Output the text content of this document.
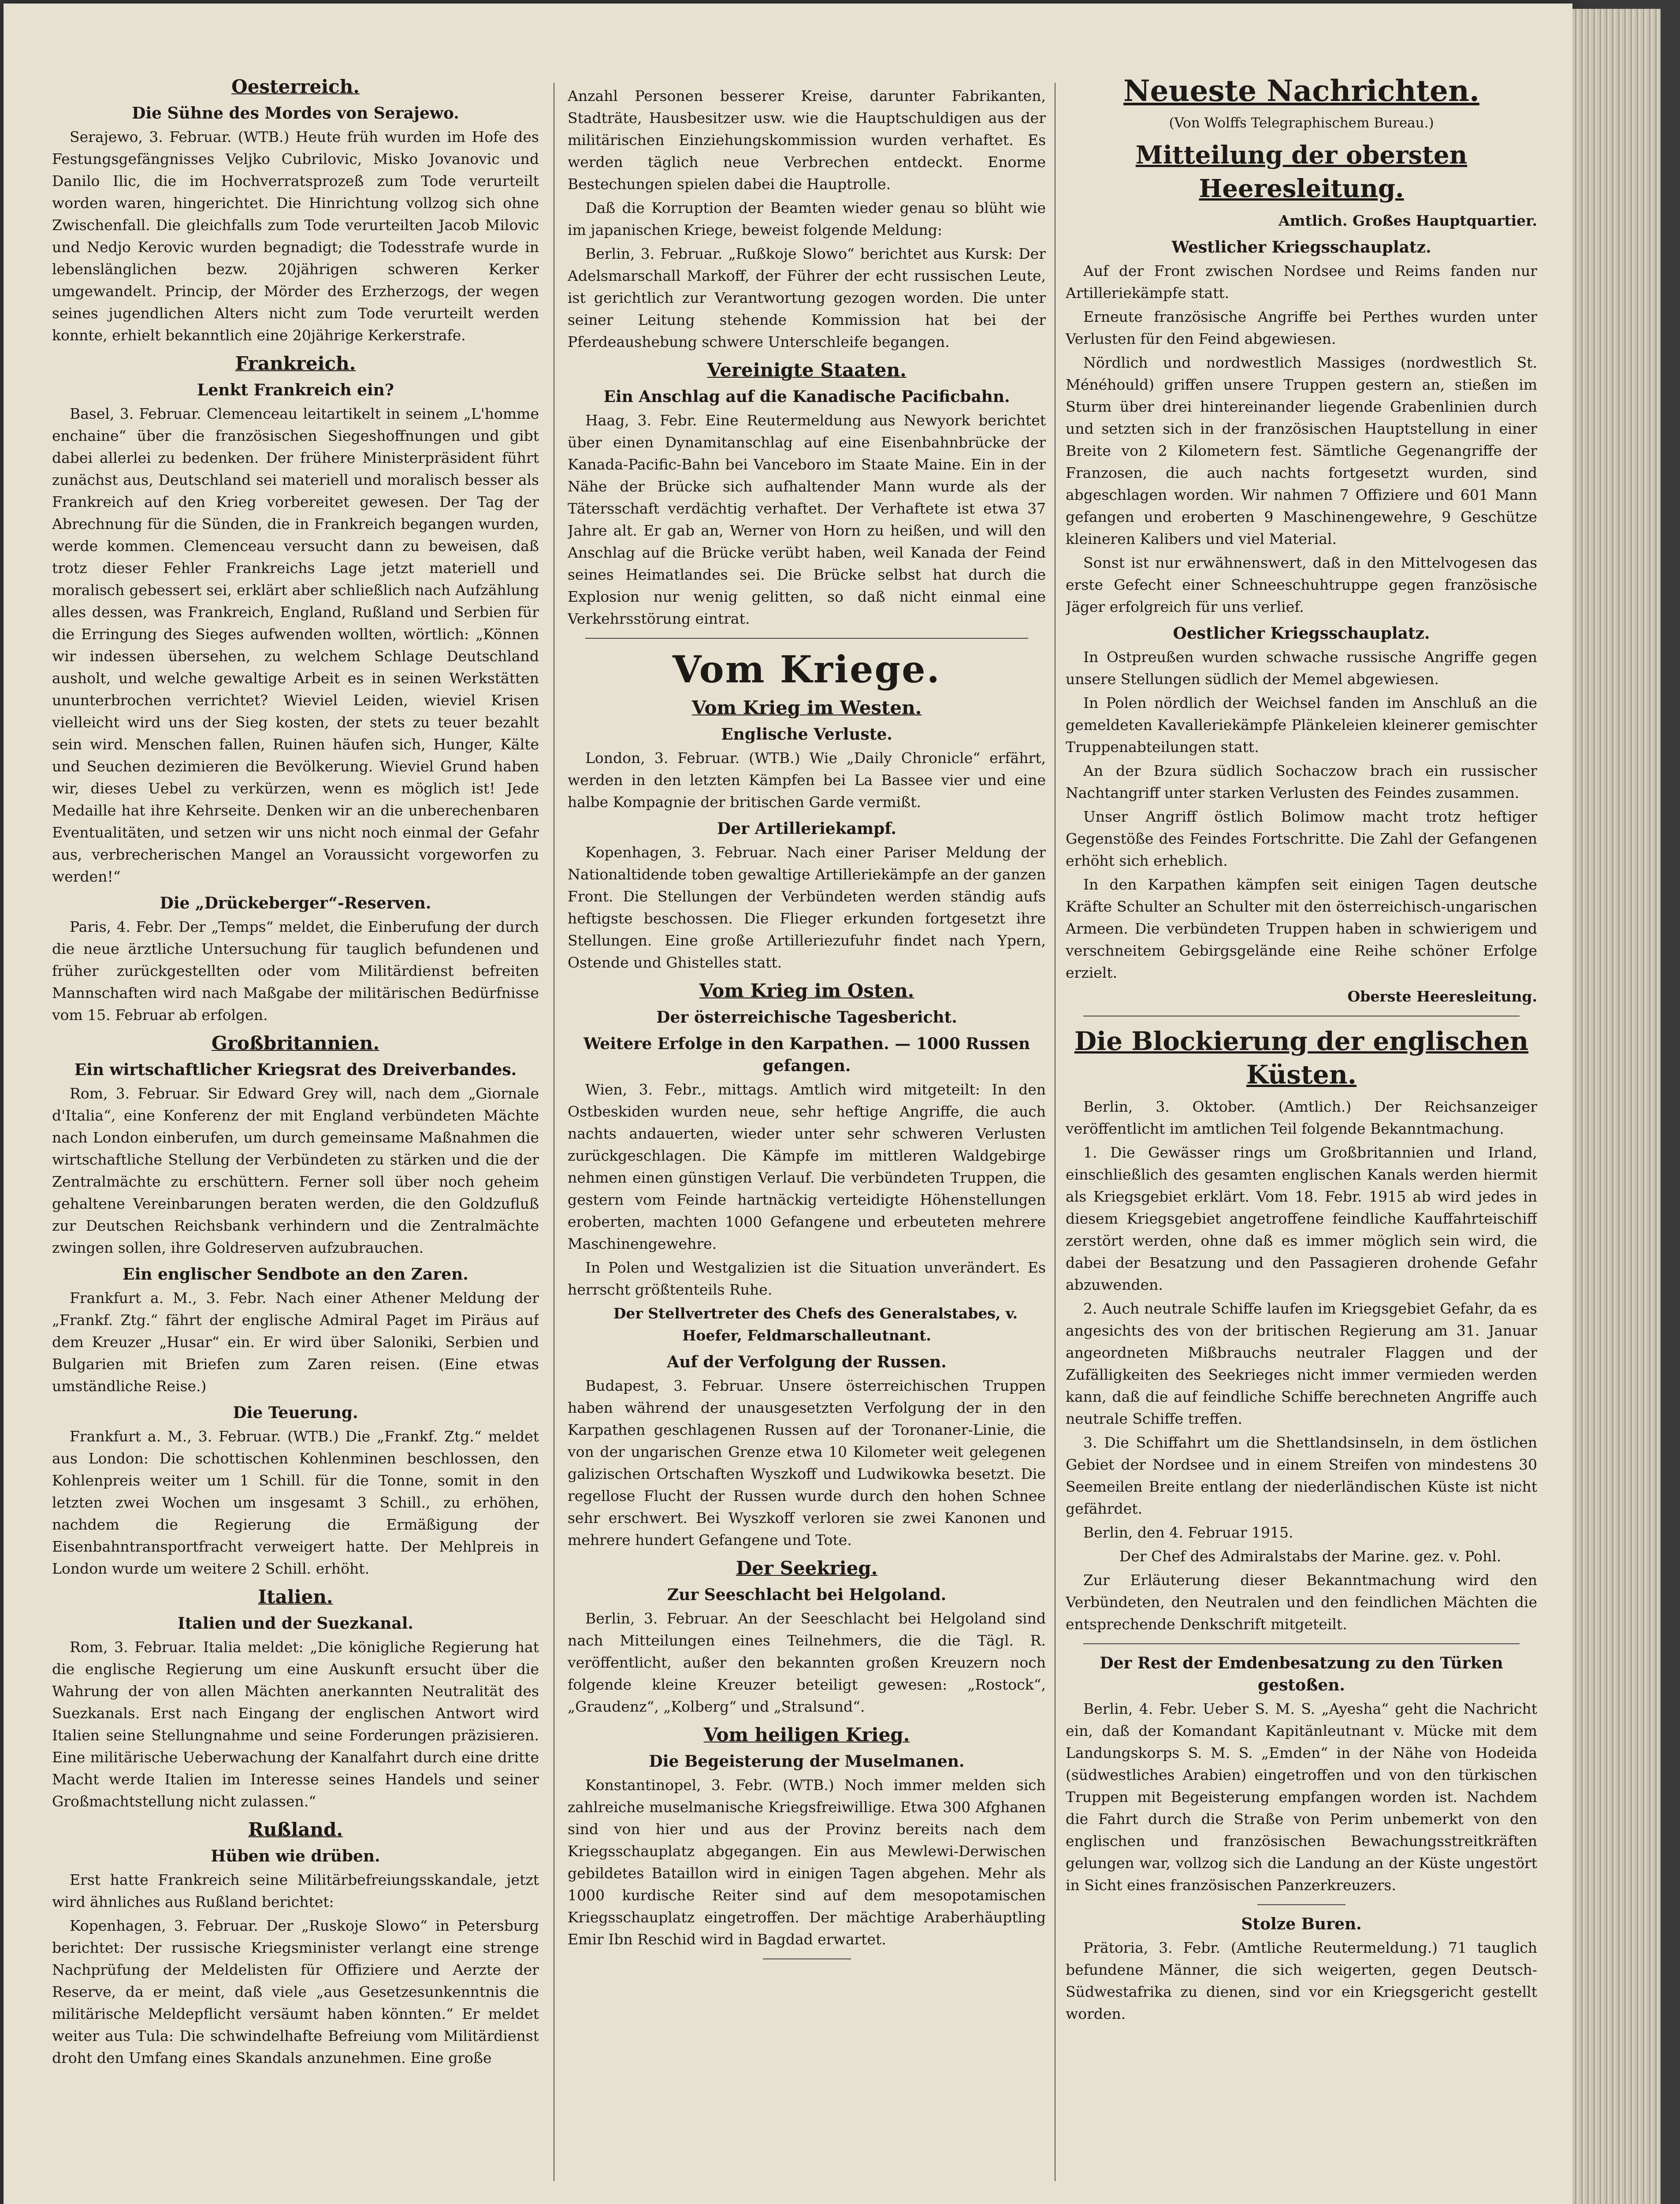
Oesterreich.
Die Sühne des Mordes von Serajewo.

Serajewo, 3. Februar. (WTB.) Heute früh wurden im Hofe des Festungsgefängnisses Veljko Cubrilovic, Misko Jovanovic und Danilo Ilic, die im Hochverratsprozeß zum Tode verurteilt worden waren, hingerichtet. Die Hinrichtung vollzog sich ohne Zwischenfall. Die gleichfalls zum Tode verurteilten Jacob Milovic und Nedjo Kerovic wurden begnadigt; die Todesstrafe wurde in lebenslänglichen bezw. 20jährigen schweren Kerker umgewandelt. Princip, der Mörder des Erzherzogs, der wegen seines jugendlichen Alters nicht zum Tode verurteilt werden konnte, erhielt bekanntlich eine 20jährige Kerkerstrafe.

Frankreich.
Lenkt Frankreich ein?

Basel, 3. Februar. Clemenceau leitartikelt in seinem „L'homme enchaine“ über die französischen Siegeshoffnungen und gibt dabei allerlei zu bedenken. Der frühere Ministerpräsident führt zunächst aus, Deutschland sei materiell und moralisch besser als Frankreich auf den Krieg vorbereitet gewesen. Der Tag der Abrechnung für die Sünden, die in Frankreich begangen wurden, werde kommen. Clemenceau versucht dann zu beweisen, daß trotz dieser Fehler Frankreichs Lage jetzt materiell und moralisch gebessert sei, erklärt aber schließlich nach Aufzählung alles dessen, was Frankreich, England, Rußland und Serbien für die Erringung des Sieges aufwenden wollten, wörtlich: „Können wir indessen übersehen, zu welchem Schlage Deutschland ausholt, und welche gewaltige Arbeit es in seinen Werkstätten ununterbrochen verrichtet? Wieviel Leiden, wieviel Krisen vielleicht wird uns der Sieg kosten, der stets zu teuer bezahlt sein wird. Menschen fallen, Ruinen häufen sich, Hunger, Kälte und Seuchen dezimieren die Bevölkerung. Wieviel Grund haben wir, dieses Uebel zu verkürzen, wenn es möglich ist! Jede Medaille hat ihre Kehrseite. Denken wir an die unberechenbaren Eventualitäten, und setzen wir uns nicht noch einmal der Gefahr aus, verbrecherischen Mangel an Voraussicht vorgeworfen zu werden!“

Die „Drückeberger“-Reserven.

Paris, 4. Febr. Der „Temps“ meldet, die Einberufung der durch die neue ärztliche Untersuchung für tauglich befundenen und früher zurückgestellten oder vom Militärdienst befreiten Mannschaften wird nach Maßgabe der militärischen Bedürfnisse vom 15. Februar ab erfolgen.

Großbritannien.
Ein wirtschaftlicher Kriegsrat des Dreiverbandes.

Rom, 3. Februar. Sir Edward Grey will, nach dem „Giornale d'Italia“, eine Konferenz der mit England verbündeten Mächte nach London einberufen, um durch gemeinsame Maßnahmen die wirtschaftliche Stellung der Verbündeten zu stärken und die der Zentralmächte zu erschüttern. Ferner soll über noch geheim gehaltene Vereinbarungen beraten werden, die den Goldzufluß zur Deutschen Reichsbank verhindern und die Zentralmächte zwingen sollen, ihre Goldreserven aufzubrauchen.

Ein englischer Sendbote an den Zaren.

Frankfurt a. M., 3. Febr. Nach einer Athener Meldung der „Frankf. Ztg.“ fährt der englische Admiral Paget im Piräus auf dem Kreuzer „Husar“ ein. Er wird über Saloniki, Serbien und Bulgarien mit Briefen zum Zaren reisen. (Eine etwas umständliche Reise.)

Die Teuerung.

Frankfurt a. M., 3. Februar. (WTB.) Die „Frankf. Ztg.“ meldet aus London: Die schottischen Kohlenminen beschlossen, den Kohlenpreis weiter um 1 Schill. für die Tonne, somit in den letzten zwei Wochen um insgesamt 3 Schill., zu erhöhen, nachdem die Regierung die Ermäßigung der Eisenbahntransportfracht verweigert hatte. Der Mehlpreis in London wurde um weitere 2 Schill. erhöht.

Italien.
Italien und der Suezkanal.

Rom, 3. Februar. Italia meldet: „Die königliche Regierung hat die englische Regierung um eine Auskunft ersucht über die Wahrung der von allen Mächten anerkannten Neutralität des Suezkanals. Erst nach Eingang der englischen Antwort wird Italien seine Stellungnahme und seine Forderungen präzisieren. Eine militärische Ueberwachung der Kanalfahrt durch eine dritte Macht werde Italien im Interesse seines Handels und seiner Großmachtstellung nicht zulassen.“

Rußland.
Hüben wie drüben.

Erst hatte Frankreich seine Militärbefreiungsskandale, jetzt wird ähnliches aus Rußland berichtet:

Kopenhagen, 3. Februar. Der „Ruskoje Slowo“ in Petersburg berichtet: Der russische Kriegsminister verlangt eine strenge Nachprüfung der Meldelisten für Offiziere und Aerzte der Reserve, da er meint, daß viele „aus Gesetzesunkenntnis die militärische Meldepflicht versäumt haben könnten.“ Er meldet weiter aus Tula: Die schwindelhafte Befreiung vom Militärdienst droht den Umfang eines Skandals anzunehmen. Eine große

Anzahl Personen besserer Kreise, darunter Fabrikanten, Stadträte, Hausbesitzer usw. wie die Hauptschuldigen aus der militärischen Einziehungskommission wurden verhaftet. Es werden täglich neue Verbrechen entdeckt. Enorme Bestechungen spielen dabei die Hauptrolle.

Daß die Korruption der Beamten wieder genau so blüht wie im japanischen Kriege, beweist folgende Meldung:

Berlin, 3. Februar. „Rußkoje Slowo“ berichtet aus Kursk: Der Adelsmarschall Markoff, der Führer der echt russischen Leute, ist gerichtlich zur Verantwortung gezogen worden. Die unter seiner Leitung stehende Kommission hat bei der Pferdeaushebung schwere Unterschleife begangen.

Vereinigte Staaten.
Ein Anschlag auf die Kanadische Pacificbahn.

Haag, 3. Febr. Eine Reutermeldung aus Newyork berichtet über einen Dynamitanschlag auf eine Eisenbahnbrücke der Kanada-Pacific-Bahn bei Vanceboro im Staate Maine. Ein in der Nähe der Brücke sich aufhaltender Mann wurde als der Tätersschaft verdächtig verhaftet. Der Verhaftete ist etwa 37 Jahre alt. Er gab an, Werner von Horn zu heißen, und will den Anschlag auf die Brücke verübt haben, weil Kanada der Feind seines Heimatlandes sei. Die Brücke selbst hat durch die Explosion nur wenig gelitten, so daß nicht einmal eine Verkehrsstörung eintrat.

Vom Kriege.
Vom Krieg im Westen.
Englische Verluste.

London, 3. Februar. (WTB.) Wie „Daily Chronicle“ erfährt, werden in den letzten Kämpfen bei La Bassee vier und eine halbe Kompagnie der britischen Garde vermißt.

Der Artilleriekampf.

Kopenhagen, 3. Februar. Nach einer Pariser Meldung der Nationaltidende toben gewaltige Artilleriekämpfe an der ganzen Front. Die Stellungen der Verbündeten werden ständig aufs heftigste beschossen. Die Flieger erkunden fortgesetzt ihre Stellungen. Eine große Artilleriezufuhr findet nach Ypern, Ostende und Ghistelles statt.

Vom Krieg im Osten.
Der österreichische Tagesbericht.
Weitere Erfolge in den Karpathen. — 1000 Russen gefangen.

Wien, 3. Febr., mittags. Amtlich wird mitgeteilt: In den Ostbeskiden wurden neue, sehr heftige Angriffe, die auch nachts andauerten, wieder unter sehr schweren Verlusten zurückgeschlagen. Die Kämpfe im mittleren Waldgebirge nehmen einen günstigen Verlauf. Die verbündeten Truppen, die gestern vom Feinde hartnäckig verteidigte Höhenstellungen eroberten, machten 1000 Gefangene und erbeuteten mehrere Maschinengewehre.

In Polen und Westgalizien ist die Situation unverändert. Es herrscht größtenteils Ruhe.

Der Stellvertreter des Chefs des Generalstabes, v. Hoefer, Feldmarschalleutnant.

Auf der Verfolgung der Russen.

Budapest, 3. Februar. Unsere österreichischen Truppen haben während der unausgesetzten Verfolgung der in den Karpathen geschlagenen Russen auf der Toronaner-Linie, die von der ungarischen Grenze etwa 10 Kilometer weit gelegenen galizischen Ortschaften Wyszkoff und Ludwikowka besetzt. Die regellose Flucht der Russen wurde durch den hohen Schnee sehr erschwert. Bei Wyszkoff verloren sie zwei Kanonen und mehrere hundert Gefangene und Tote.

Der Seekrieg.
Zur Seeschlacht bei Helgoland.

Berlin, 3. Februar. An der Seeschlacht bei Helgoland sind nach Mitteilungen eines Teilnehmers, die die Tägl. R. veröffentlicht, außer den bekannten großen Kreuzern noch folgende kleine Kreuzer beteiligt gewesen: „Rostock“, „Graudenz“, „Kolberg“ und „Stralsund“.

Vom heiligen Krieg.
Die Begeisterung der Muselmanen.

Konstantinopel, 3. Febr. (WTB.) Noch immer melden sich zahlreiche muselmanische Kriegsfreiwillige. Etwa 300 Afghanen sind von hier und aus der Provinz bereits nach dem Kriegsschauplatz abgegangen. Ein aus Mewlewi-Derwischen gebildetes Bataillon wird in einigen Tagen abgehen. Mehr als 1000 kurdische Reiter sind auf dem mesopotamischen Kriegsschauplatz eingetroffen. Der mächtige Araberhäuptling Emir Ibn Reschid wird in Bagdad erwartet.

Neueste Nachrichten.
(Von Wolffs Telegraphischem Bureau.)
Mitteilung der obersten Heeresleitung.

Amtlich. Großes Hauptquartier.

Westlicher Kriegsschauplatz.

Auf der Front zwischen Nordsee und Reims fanden nur Artilleriekämpfe statt.

Erneute französische Angriffe bei Perthes wurden unter Verlusten für den Feind abgewiesen.

Nördlich und nordwestlich Massiges (nordwestlich St. Ménéhould) griffen unsere Truppen gestern an, stießen im Sturm über drei hintereinander liegende Grabenlinien durch und setzten sich in der französischen Hauptstellung in einer Breite von 2 Kilometern fest. Sämtliche Gegenangriffe der Franzosen, die auch nachts fortgesetzt wurden, sind abgeschlagen worden. Wir nahmen 7 Offiziere und 601 Mann gefangen und eroberten 9 Maschinengewehre, 9 Geschütze kleineren Kalibers und viel Material.

Sonst ist nur erwähnenswert, daß in den Mittelvogesen das erste Gefecht einer Schneeschuhtruppe gegen französische Jäger erfolgreich für uns verlief.

Oestlicher Kriegsschauplatz.

In Ostpreußen wurden schwache russische Angriffe gegen unsere Stellungen südlich der Memel abgewiesen.

In Polen nördlich der Weichsel fanden im Anschluß an die gemeldeten Kavalleriekämpfe Plänkeleien kleinerer gemischter Truppenabteilungen statt.

An der Bzura südlich Sochaczow brach ein russischer Nachtangriff unter starken Verlusten des Feindes zusammen.

Unser Angriff östlich Bolimow macht trotz heftiger Gegenstöße des Feindes Fortschritte. Die Zahl der Gefangenen erhöht sich erheblich.

In den Karpathen kämpfen seit einigen Tagen deutsche Kräfte Schulter an Schulter mit den österreichisch-ungarischen Armeen. Die verbündeten Truppen haben in schwierigem und verschneitem Gebirgsgelände eine Reihe schöner Erfolge erzielt.

Oberste Heeresleitung.

Die Blockierung der englischen Küsten.

Berlin, 3. Oktober. (Amtlich.) Der Reichsanzeiger veröffentlicht im amtlichen Teil folgende Bekanntmachung.

1. Die Gewässer rings um Großbritannien und Irland, einschließlich des gesamten englischen Kanals werden hiermit als Kriegsgebiet erklärt. Vom 18. Febr. 1915 ab wird jedes in diesem Kriegsgebiet angetroffene feindliche Kauffahrteischiff zerstört werden, ohne daß es immer möglich sein wird, die dabei der Besatzung und den Passagieren drohende Gefahr abzuwenden.

2. Auch neutrale Schiffe laufen im Kriegsgebiet Gefahr, da es angesichts des von der britischen Regierung am 31. Januar angeordneten Mißbrauchs neutraler Flaggen und der Zufälligkeiten des Seekrieges nicht immer vermieden werden kann, daß die auf feindliche Schiffe berechneten Angriffe auch neutrale Schiffe treffen.

3. Die Schiffahrt um die Shettlandsinseln, in dem östlichen Gebiet der Nordsee und in einem Streifen von mindestens 30 Seemeilen Breite entlang der niederländischen Küste ist nicht gefährdet.

Berlin, den 4. Februar 1915.

Der Chef des Admiralstabs der Marine. gez. v. Pohl.

Zur Erläuterung dieser Bekanntmachung wird den Verbündeten, den Neutralen und den feindlichen Mächten die entsprechende Denkschrift mitgeteilt.

Der Rest der Emdenbesatzung zu den Türken gestoßen.

Berlin, 4. Febr. Ueber S. M. S. „Ayesha“ geht die Nachricht ein, daß der Komandant Kapitänleutnant v. Mücke mit dem Landungskorps S. M. S. „Emden“ in der Nähe von Hodeida (südwestliches Arabien) eingetroffen und von den türkischen Truppen mit Begeisterung empfangen worden ist. Nachdem die Fahrt durch die Straße von Perim unbemerkt von den englischen und französischen Bewachungsstreitkräften gelungen war, vollzog sich die Landung an der Küste ungestört in Sicht eines französischen Panzerkreuzers.

Stolze Buren.

Prätoria, 3. Febr. (Amtliche Reutermeldung.) 71 tauglich befundene Männer, die sich weigerten, gegen Deutsch-Südwestafrika zu dienen, sind vor ein Kriegsgericht gestellt worden.
